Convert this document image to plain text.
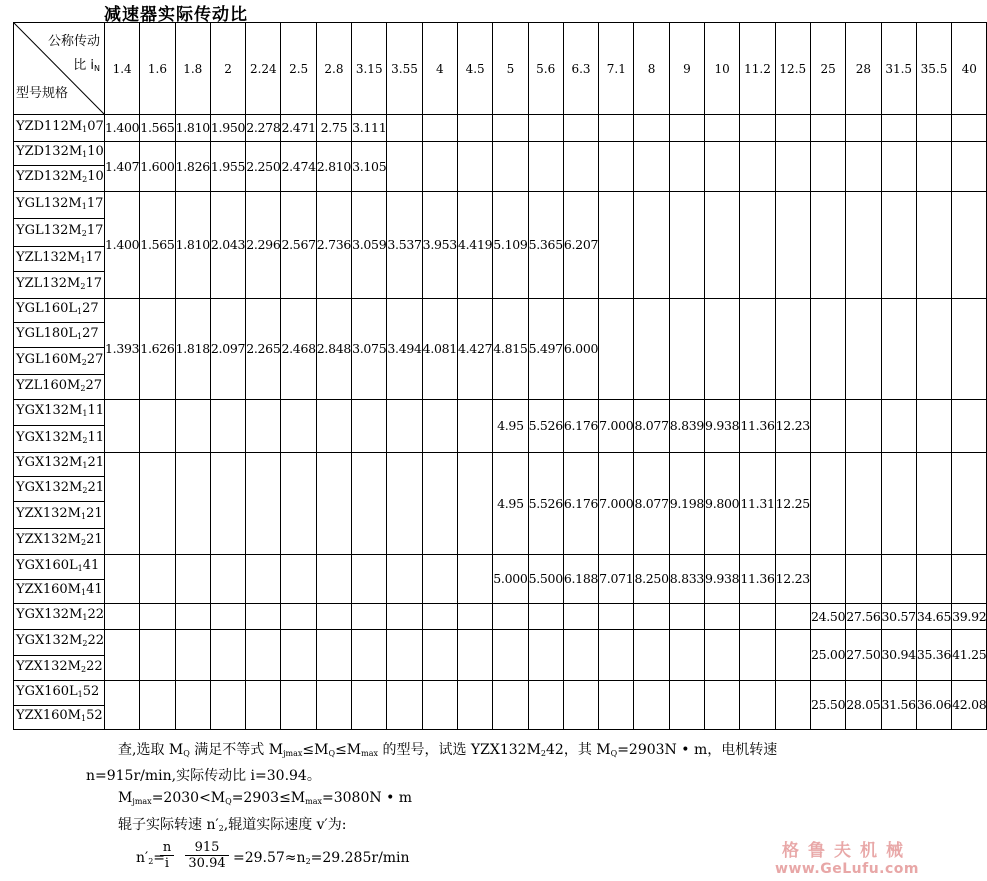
减速器实际传动比
公称传动
比 $i_N$
型号规格	1.4	1.6	1.8	2	2.24	2.5	2.8	3.15	3.55	4	4.5	5	5.6	6.3	7.1	8	9	10	11.2	12.5	25	28	31.5	35.5	40
$YZD112M_107$	1.400	1.565	1.810	1.950	2.278	2.471	2.75	3.111																	
$YZD132M_110$	1.407	1.600	1.826	1.955	2.250	2.474	2.810	3.105																	
$YZD132M_210$																									
$YGL132M_117$	1.400	1.565	1.810	2.043	2.296	2.567	2.736	3.059	3.537	3.953	4.419	5.109	5.365	6.207											
$YGL132M_217$																									
$YZL132M_117$																									
$YZL132M_217$																									
$YGL160L_127$	1.393	1.626	1.818	2.097	2.265	2.468	2.848	3.075	3.494	4.081	4.427	4.815	5.497	6.000											
$YGL180L_127$																									
$YGL160M_227$																									
$YZL160M_227$																									
$YGX132M_111$												4.95	5.526	6.176	7.000	8.077	8.839	9.938	11.36	12.23					
$YGX132M_211$																									
$YGX132M_121$												4.95	5.526	6.176	7.000	8.077	9.198	9.800	11.31	12.25					
$YGX132M_221$																									
$YZX132M_121$																									
$YZX132M_221$																									
$YGX160L_141$												5.000	5.500	6.188	7.071	8.250	8.833	9.938	11.36	12.23					
$YZX160M_141$																									
$YGX132M_122$																					24.50	27.56	30.57	34.65	39.92
$YGX132M_222$																					25.00	27.50	30.94	35.36	41.25
$YZX132M_222$																									
$YGX160L_152$																					25.50	28.05	31.56	36.06	42.08
$YZX160M_152$																									
查,选取 $M_Q$ 满足不等式 $M_{jmax}\le M_Q\le M_{max}$ 的型号，试选 $YZX132M_242$，其 $M_Q=2903N$ • m，电机转速
n=915r/min,实际传动比 i=30.94。
$M_{jmax}=2030<M_Q=2903\le M_{max}=3080N$ • m
辊子实际转速 $n'_2$,辊道实际速度 v′为:
$n'_2=$
$\frac{n}{i} \frac{915}{30.94} =29.57\approx n_2=29.285r/\min$	格鲁夫机械
www.GeLufu.com
